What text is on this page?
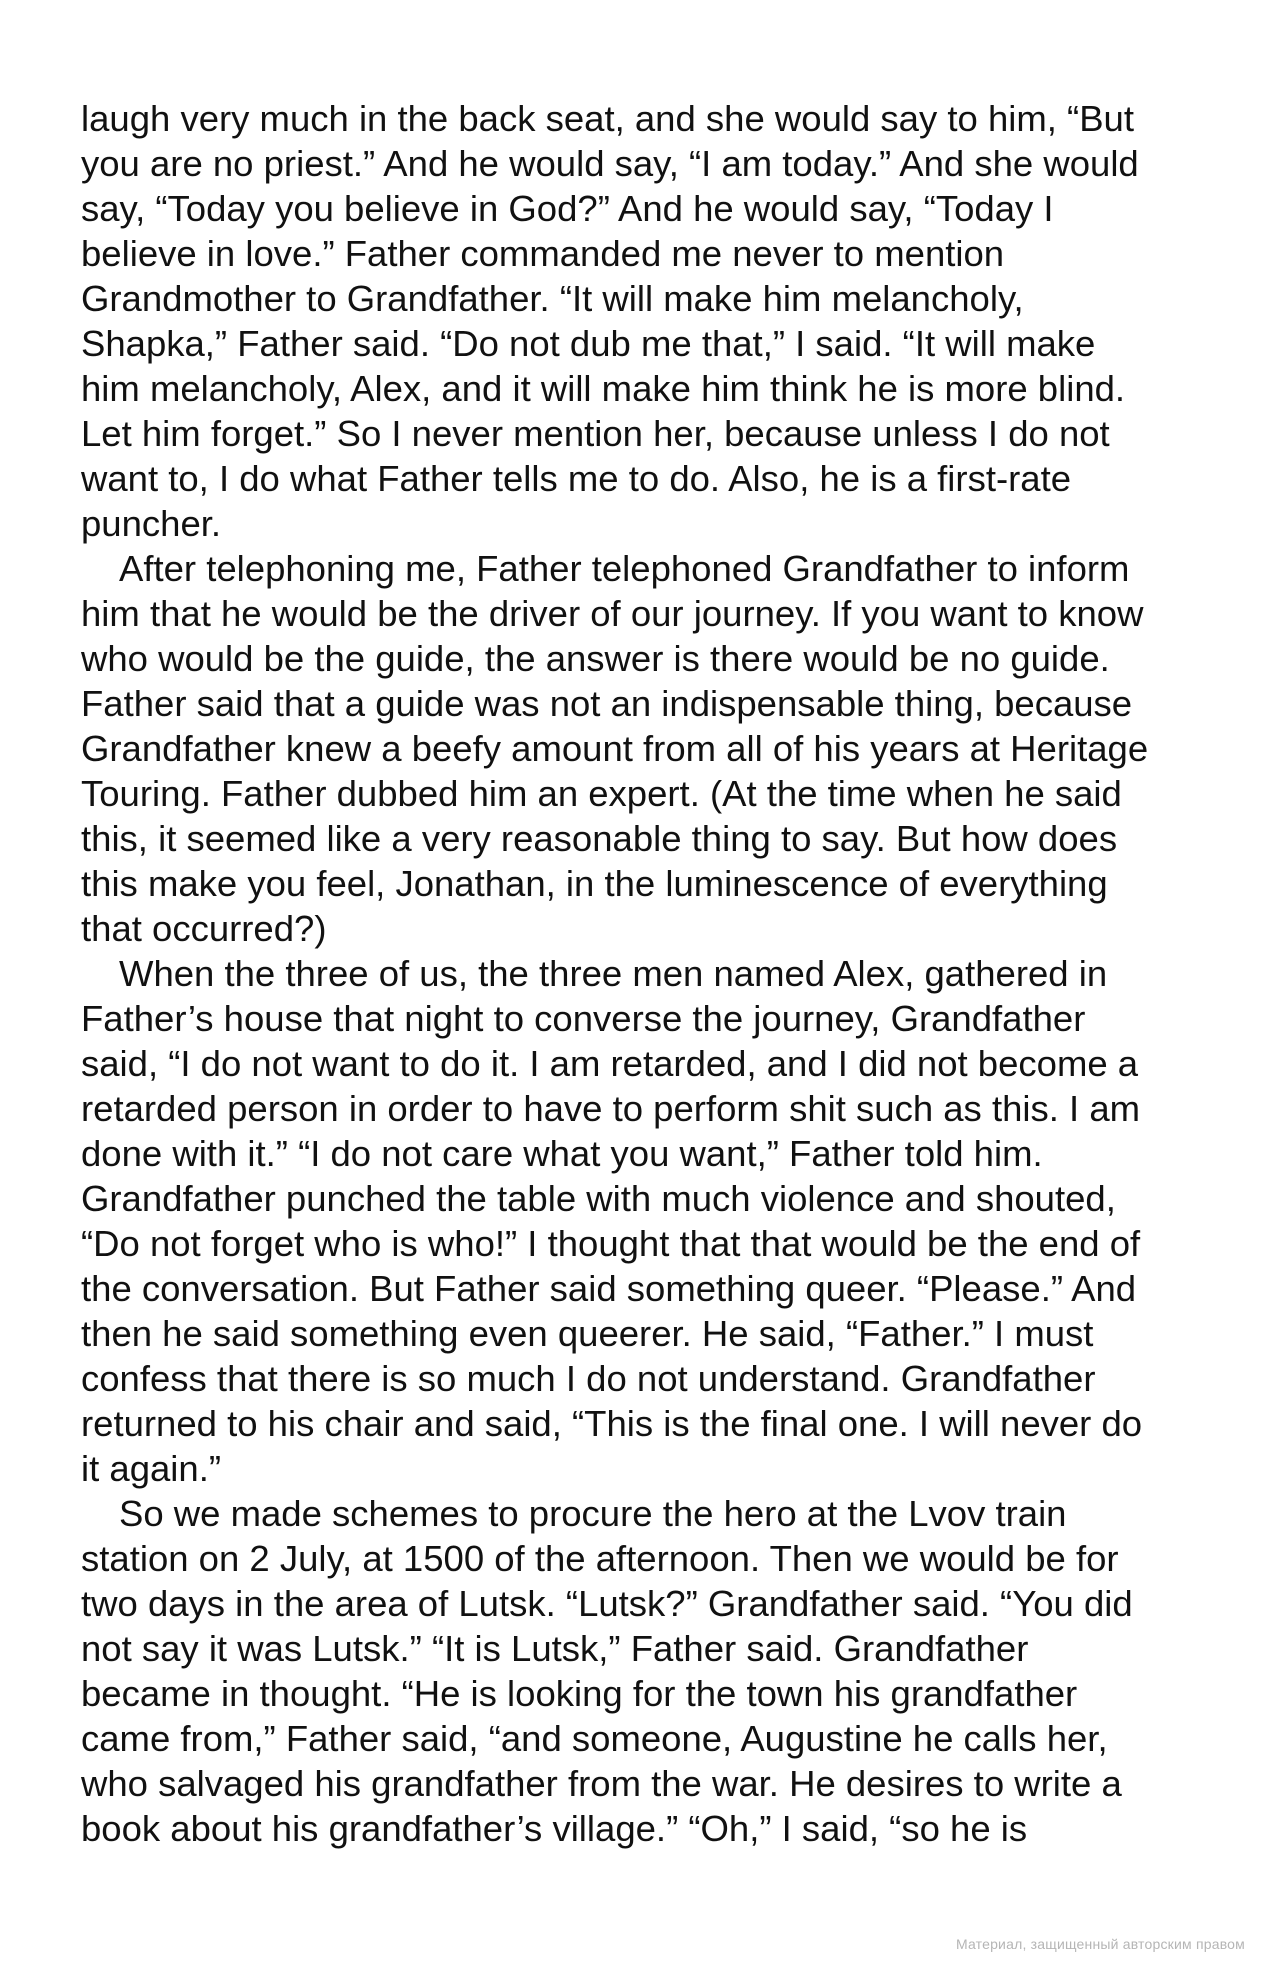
laugh very much in the back seat, and she would say to him, “But
you are no priest.” And he would say, “I am today.” And she would
say, “Today you believe in God?” And he would say, “Today I
believe in love.” Father commanded me never to mention
Grandmother to Grandfather. “It will make him melancholy,
Shapka,” Father said. “Do not dub me that,” I said. “It will make
him melancholy, Alex, and it will make him think he is more blind.
Let him forget.” So I never mention her, because unless I do not
want to, I do what Father tells me to do. Also, he is a first-rate
puncher.

After telephoning me, Father telephoned Grandfather to inform
him that he would be the driver of our journey. If you want to know
who would be the guide, the answer is there would be no guide.
Father said that a guide was not an indispensable thing, because
Grandfather knew a beefy amount from all of his years at Heritage
Touring. Father dubbed him an expert. (At the time when he said
this, it seemed like a very reasonable thing to say. But how does
this make you feel, Jonathan, in the luminescence of everything
that occurred?)

When the three of us, the three men named Alex, gathered in
Father’s house that night to converse the journey, Grandfather
said, “I do not want to do it. I am retarded, and I did not become a
retarded person in order to have to perform shit such as this. I am
done with it.” “I do not care what you want,” Father told him.
Grandfather punched the table with much violence and shouted,
“Do not forget who is who!” I thought that that would be the end of
the conversation. But Father said something queer. “Please.” And
then he said something even queerer. He said, “Father.” I must
confess that there is so much I do not understand. Grandfather
returned to his chair and said, “This is the final one. I will never do
it again.”

So we made schemes to procure the hero at the Lvov train
station on 2 July, at 1500 of the afternoon. Then we would be for
two days in the area of Lutsk. “Lutsk?” Grandfather said. “You did
not say it was Lutsk.” “It is Lutsk,” Father said. Grandfather
became in thought. “He is looking for the town his grandfather
came from,” Father said, “and someone, Augustine he calls her,
who salvaged his grandfather from the war. He desires to write a
book about his grandfather’s village.” “Oh,” I said, “so he is

Материал, защищенный авторским правом
